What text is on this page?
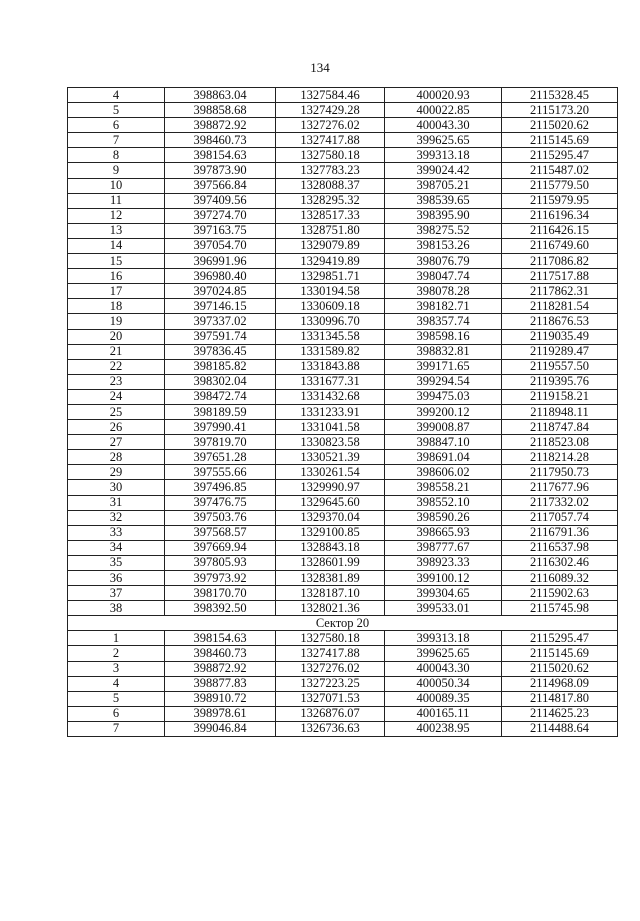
134
4	398863.04	1327584.46	400020.93	2115328.45
5	398858.68	1327429.28	400022.85	2115173.20
6	398872.92	1327276.02	400043.30	2115020.62
7	398460.73	1327417.88	399625.65	2115145.69
8	398154.63	1327580.18	399313.18	2115295.47
9	397873.90	1327783.23	399024.42	2115487.02
10	397566.84	1328088.37	398705.21	2115779.50
11	397409.56	1328295.32	398539.65	2115979.95
12	397274.70	1328517.33	398395.90	2116196.34
13	397163.75	1328751.80	398275.52	2116426.15
14	397054.70	1329079.89	398153.26	2116749.60
15	396991.96	1329419.89	398076.79	2117086.82
16	396980.40	1329851.71	398047.74	2117517.88
17	397024.85	1330194.58	398078.28	2117862.31
18	397146.15	1330609.18	398182.71	2118281.54
19	397337.02	1330996.70	398357.74	2118676.53
20	397591.74	1331345.58	398598.16	2119035.49
21	397836.45	1331589.82	398832.81	2119289.47
22	398185.82	1331843.88	399171.65	2119557.50
23	398302.04	1331677.31	399294.54	2119395.76
24	398472.74	1331432.68	399475.03	2119158.21
25	398189.59	1331233.91	399200.12	2118948.11
26	397990.41	1331041.58	399008.87	2118747.84
27	397819.70	1330823.58	398847.10	2118523.08
28	397651.28	1330521.39	398691.04	2118214.28
29	397555.66	1330261.54	398606.02	2117950.73
30	397496.85	1329990.97	398558.21	2117677.96
31	397476.75	1329645.60	398552.10	2117332.02
32	397503.76	1329370.04	398590.26	2117057.74
33	397568.57	1329100.85	398665.93	2116791.36
34	397669.94	1328843.18	398777.67	2116537.98
35	397805.93	1328601.99	398923.33	2116302.46
36	397973.92	1328381.89	399100.12	2116089.32
37	398170.70	1328187.10	399304.65	2115902.63
38	398392.50	1328021.36	399533.01	2115745.98
Сектор 20				
1	398154.63	1327580.18	399313.18	2115295.47
2	398460.73	1327417.88	399625.65	2115145.69
3	398872.92	1327276.02	400043.30	2115020.62
4	398877.83	1327223.25	400050.34	2114968.09
5	398910.72	1327071.53	400089.35	2114817.80
6	398978.61	1326876.07	400165.11	2114625.23
7	399046.84	1326736.63	400238.95	2114488.64
